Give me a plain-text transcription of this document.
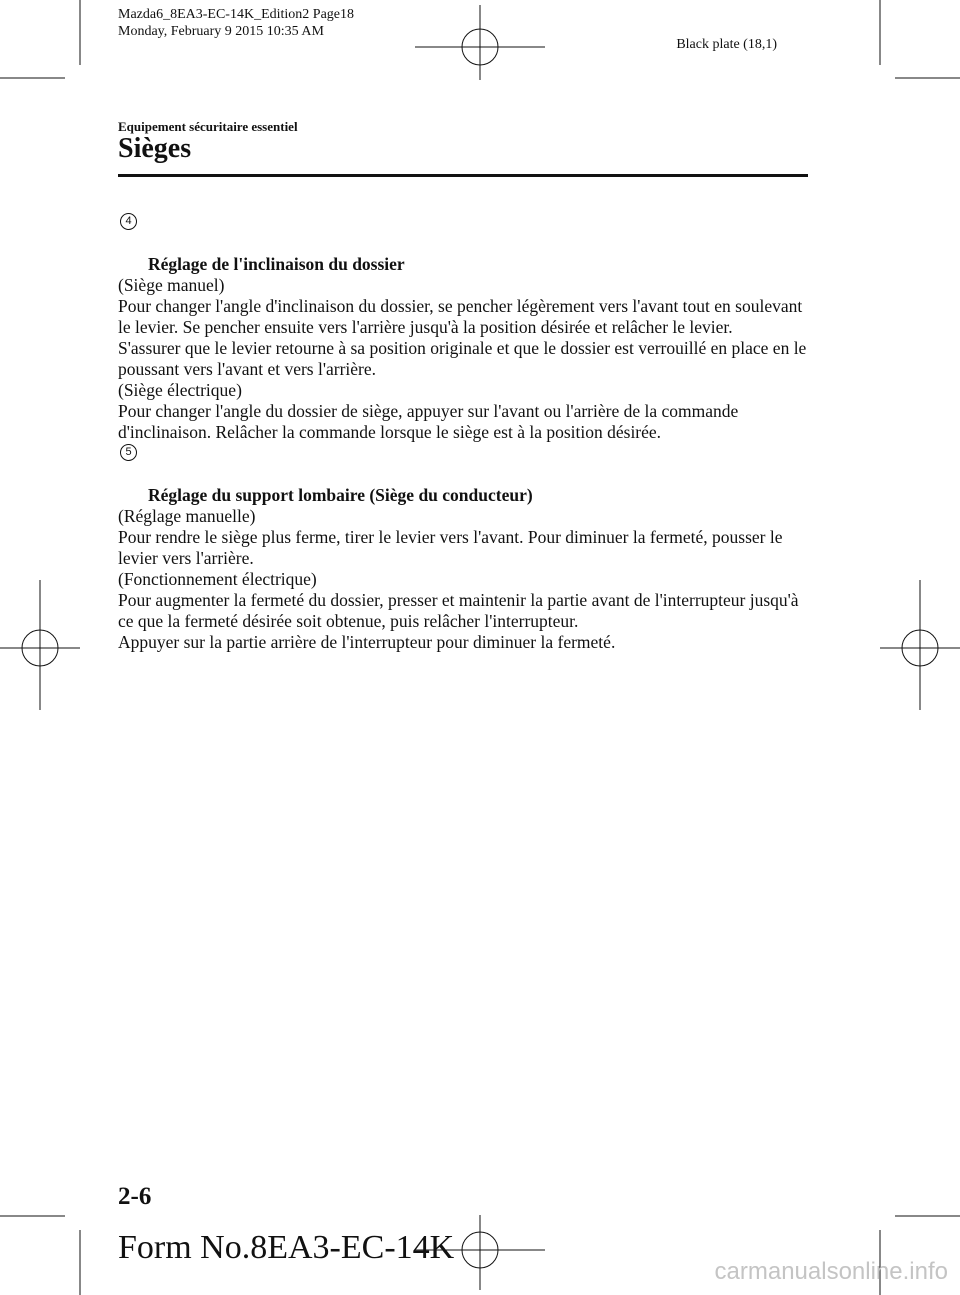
Mazda6_8EA3-EC-14K_Edition2 Page18
Monday, February 9 2015 10:35 AM
Black plate (18,1)
Equipement sécuritaire essentiel
Sièges

4

Réglage de l'inclinaison du dossier

(Siège manuel)
Pour changer l'angle d'inclinaison du dossier, se pencher légèrement vers l'avant tout en soulevant le levier. Se pencher ensuite vers l'arrière jusqu'à la position désirée et relâcher le levier.
S'assurer que le levier retourne à sa position originale et que le dossier est verrouillé en place en le poussant vers l'avant et vers l'arrière.
(Siège électrique)
Pour changer l'angle du dossier de siège, appuyer sur l'avant ou l'arrière de la commande d'inclinaison. Relâcher la commande lorsque le siège est à la position désirée.

5

Réglage du support lombaire (Siège du conducteur)

(Réglage manuelle)
Pour rendre le siège plus ferme, tirer le levier vers l'avant. Pour diminuer la fermeté, pousser le levier vers l'arrière.
(Fonctionnement électrique)
Pour augmenter la fermeté du dossier, presser et maintenir la partie avant de l'interrupteur jusqu'à ce que la fermeté désirée soit obtenue, puis relâcher l'interrupteur.
Appuyer sur la partie arrière de l'interrupteur pour diminuer la fermeté.

2-6
Form No.8EA3-EC-14K
carmanualsonline.info
